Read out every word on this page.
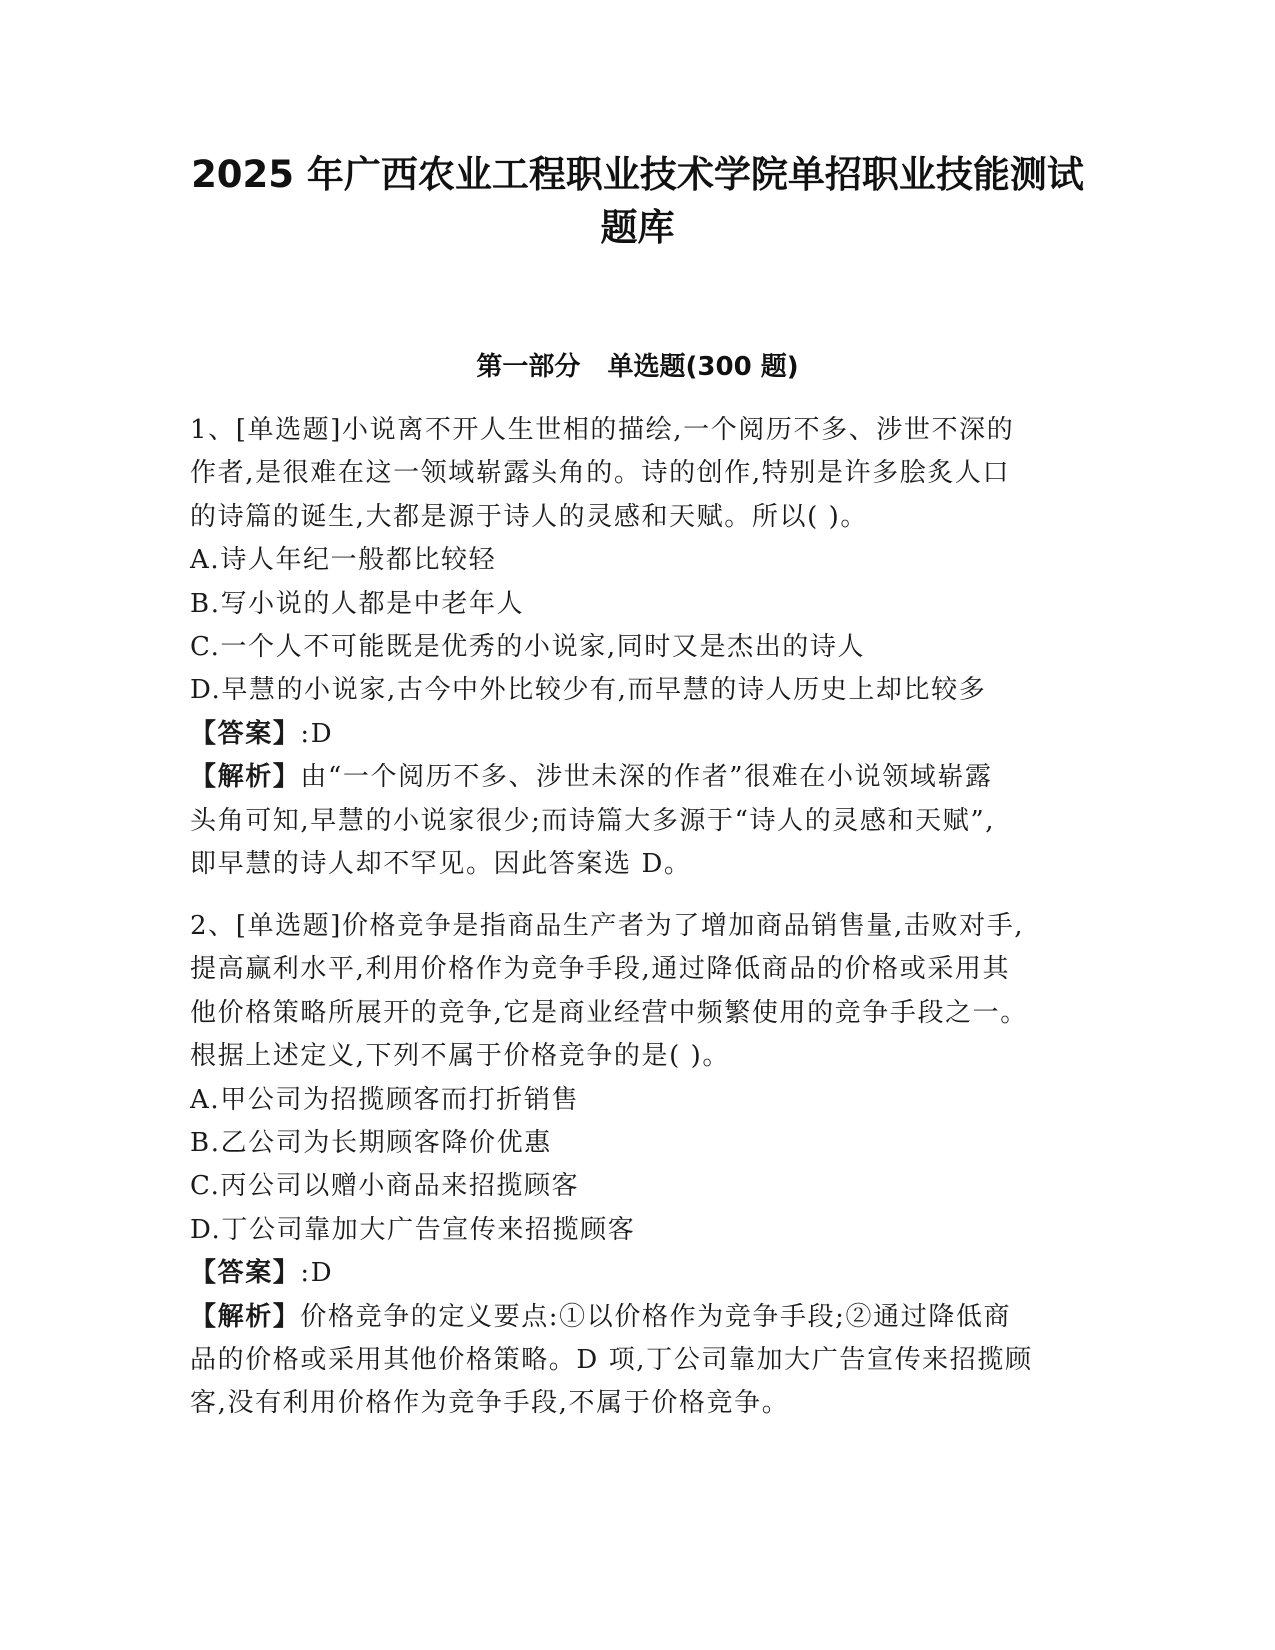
2025 年广西农业工程职业技术学院单招职业技能测试
题库
第一部分   单选题(300 题)
1、[单选题]小说离不开人生世相的描绘,一个阅历不多、涉世不深的
作者,是很难在这一领域崭露头角的。诗的创作,特别是许多脍炙人口
的诗篇的诞生,大都是源于诗人的灵感和天赋。所以( )。
A.诗人年纪一般都比较轻
B.写小说的人都是中老年人
C.一个人不可能既是优秀的小说家,同时又是杰出的诗人
D.早慧的小说家,古今中外比较少有,而早慧的诗人历史上却比较多
【答案】:D
【解析】由“一个阅历不多、涉世未深的作者”很难在小说领域崭露
头角可知,早慧的小说家很少;而诗篇大多源于“诗人的灵感和天赋”,
即早慧的诗人却不罕见。因此答案选 D。
2、[单选题]价格竞争是指商品生产者为了增加商品销售量,击败对手,
提高赢利水平,利用价格作为竞争手段,通过降低商品的价格或采用其
他价格策略所展开的竞争,它是商业经营中频繁使用的竞争手段之一。
根据上述定义,下列不属于价格竞争的是( )。
A.甲公司为招揽顾客而打折销售
B.乙公司为长期顾客降价优惠
C.丙公司以赠小商品来招揽顾客
D.丁公司靠加大广告宣传来招揽顾客
【答案】:D
【解析】价格竞争的定义要点:①以价格作为竞争手段;②通过降低商
品的价格或采用其他价格策略。D 项,丁公司靠加大广告宣传来招揽顾
客,没有利用价格作为竞争手段,不属于价格竞争。
